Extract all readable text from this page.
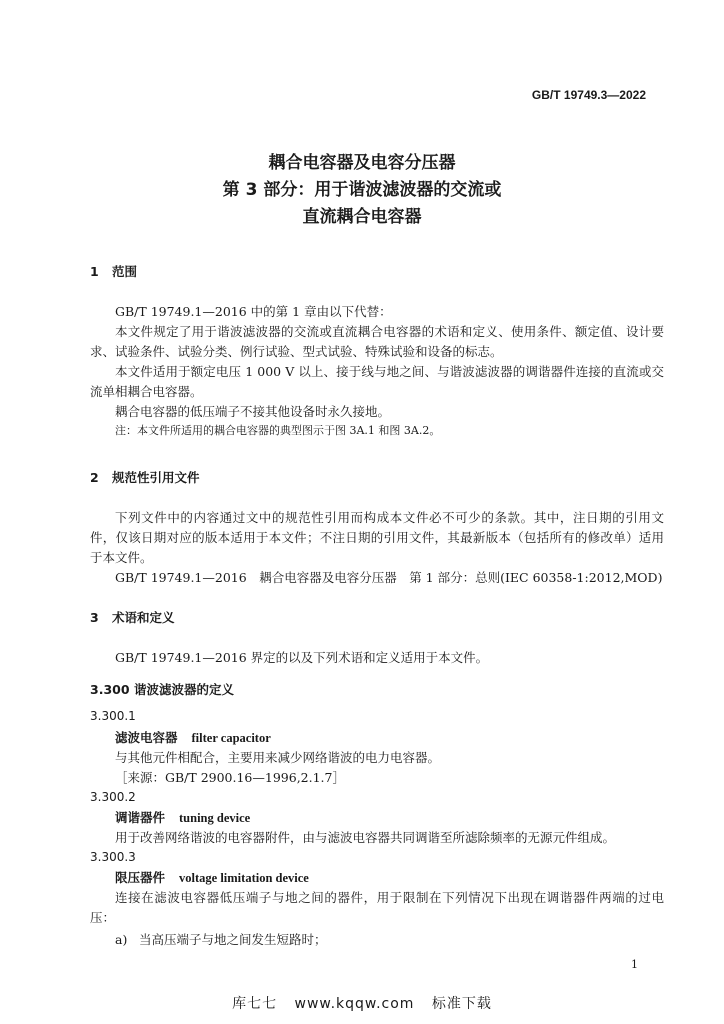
GB/T 19749.3—2022
耦合电容器及电容分压器
第 3 部分：用于谐波滤波器的交流或
直流耦合电容器
1 范围

GB/T 19749.1—2016 中的第 1 章由以下代替：

本文件规定了用于谐波滤波器的交流或直流耦合电容器的术语和定义、使用条件、额定值、设计要求、试验条件、试验分类、例行试验、型式试验、特殊试验和设备的标志。

本文件适用于额定电压 1 000 V 以上、接于线与地之间、与谐波滤波器的调谐器件连接的直流或交流单相耦合电容器。

耦合电容器的低压端子不接其他设备时永久接地。

注：本文件所适用的耦合电容器的典型图示于图 3A.1 和图 3A.2。

2 规范性引用文件

下列文件中的内容通过文中的规范性引用而构成本文件必不可少的条款。其中，注日期的引用文件，仅该日期对应的版本适用于本文件；不注日期的引用文件，其最新版本（包括所有的修改单）适用于本文件。

GB/T 19749.1—2016　耦合电容器及电容分压器　第 1 部分：总则(IEC 60358-1:2012,MOD)

3 术语和定义

GB/T 19749.1—2016 界定的以及下列术语和定义适用于本文件。

3.300 谐波滤波器的定义
3.300.1
滤波电容器 filter capacitor
与其他元件相配合，主要用来减少网络谐波的电力电容器。
［来源：GB/T 2900.16—1996,2.1.7］
3.300.2
调谐器件 tuning device
用于改善网络谐波的电容器附件，由与滤波电容器共同调谐至所滤除频率的无源元件组成。
3.300.3
限压器件 voltage limitation device

连接在滤波电容器低压端子与地之间的器件，用于限制在下列情况下出现在调谐器件两端的过电压：

a) 当高压端子与地之间发生短路时；
1
库七七 www.kqqw.com 标准下载
